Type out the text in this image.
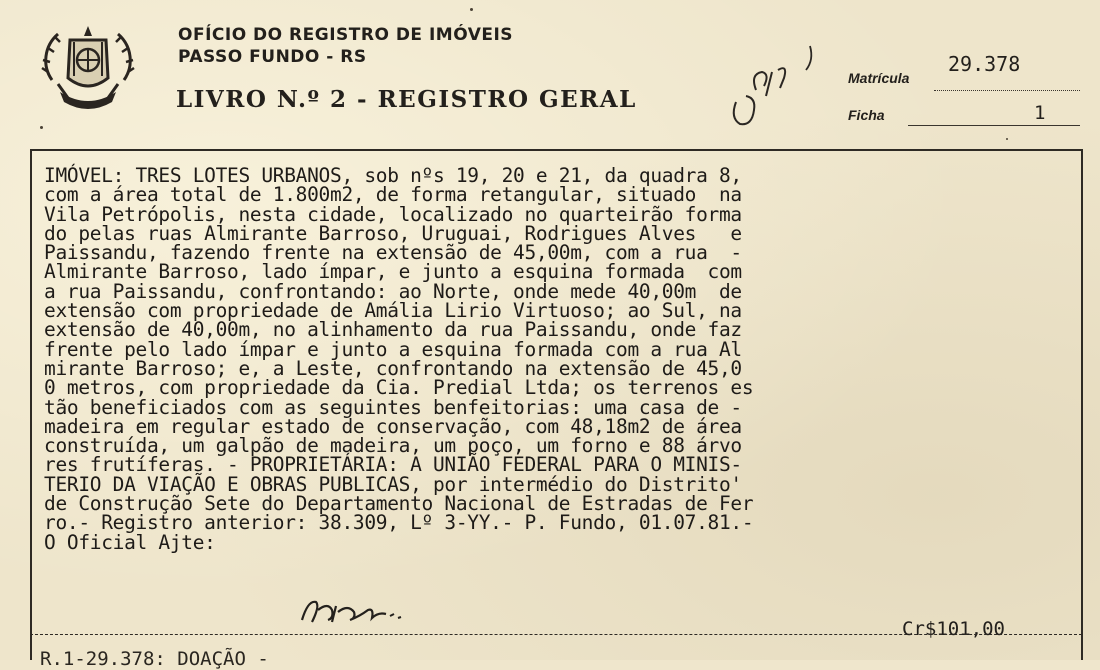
OFÍCIO DO REGISTRO DE IMÓVEIS
PASSO FUNDO - RS
LIVRO N.º 2 - REGISTRO GERAL
Matrícula
29.378
Ficha	1
IMÓVEL: TRES LOTES URBANOS, sob nºs 19, 20 e 21, da quadra 8,
com a área total de 1.800m2, de forma retangular, situado  na
Vila Petrópolis, nesta cidade, localizado no quarteirão forma
do pelas ruas Almirante Barroso, Uruguai, Rodrigues Alves   e
Paissandu, fazendo frente na extensão de 45,00m, com a rua  -
Almirante Barroso, lado ímpar, e junto a esquina formada  com
a rua Paissandu, confrontando: ao Norte, onde mede 40,00m  de
extensão com propriedade de Amália Lirio Virtuoso; ao Sul, na
extensão de 40,00m, no alinhamento da rua Paissandu, onde faz
frente pelo lado ímpar e junto a esquina formada com a rua Al
mirante Barroso; e, a Leste, confrontando na extensão de 45,0
0 metros, com propriedade da Cia. Predial Ltda; os terrenos es
tão beneficiados com as seguintes benfeitorias: uma casa de -
madeira em regular estado de conservação, com 48,18m2 de área
construída, um galpão de madeira, um poço, um forno e 88 árvo
res frutíferas. - PROPRIETÁRIA: A UNIÃO FEDERAL PARA O MINIS-
TERIO DA VIAÇÃO E OBRAS PUBLICAS, por intermédio do Distrito'
de Construção Sete do Departamento Nacional de Estradas de Fer
ro.- Registro anterior: 38.309, Lº 3-YY.- P. Fundo, 01.07.81.-
O Oficial Ajte:
Cr$101,00
R.1-29.378: DOAÇÃO -
